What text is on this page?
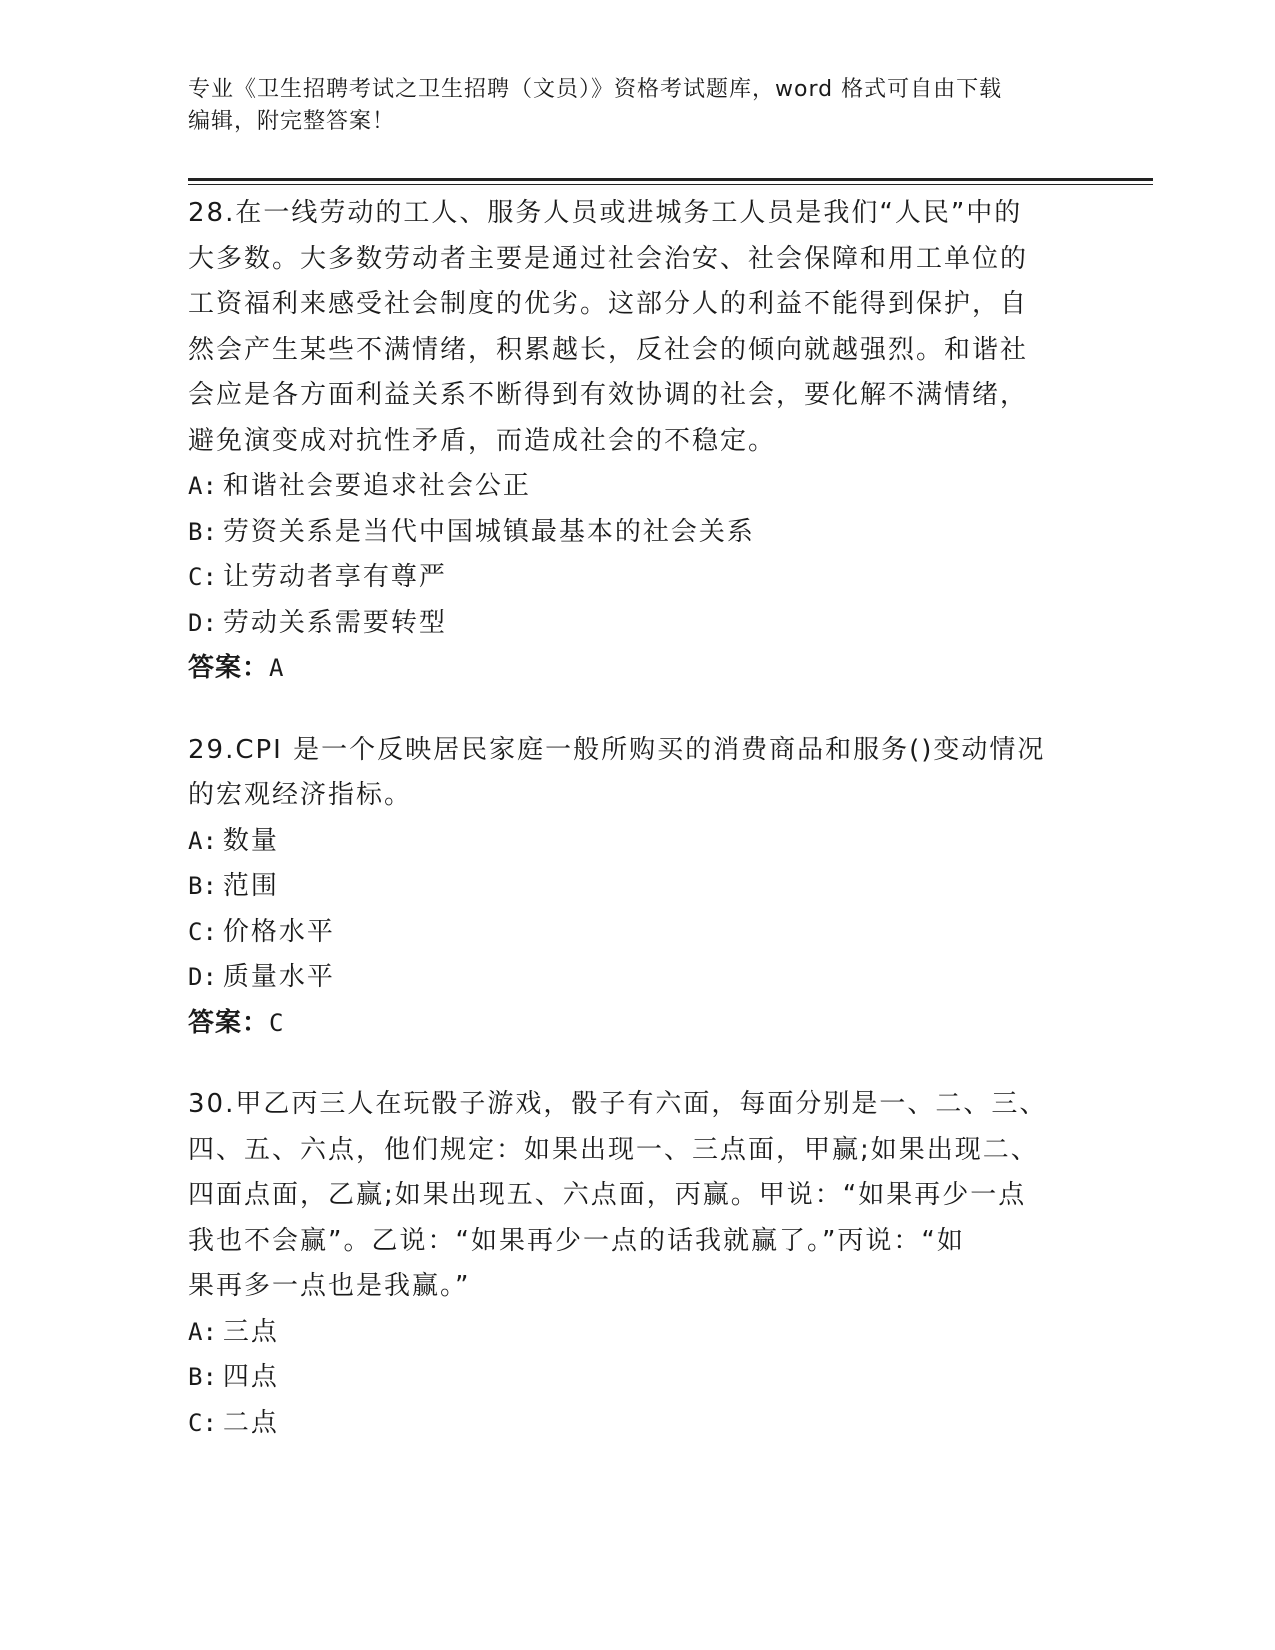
专业《卫生招聘考试之卫生招聘（文员）》资格考试题库，word 格式可自由下载
编辑，附完整答案！
28.在一线劳动的工人、服务人员或进城务工人员是我们“人民”中的
大多数。大多数劳动者主要是通过社会治安、社会保障和用工单位的
工资福利来感受社会制度的优劣。这部分人的利益不能得到保护，自
然会产生某些不满情绪，积累越长，反社会的倾向就越强烈。和谐社
会应是各方面利益关系不断得到有效协调的社会，要化解不满情绪，
避免演变成对抗性矛盾，而造成社会的不稳定。
A: 和谐社会要追求社会公正
B: 劳资关系是当代中国城镇最基本的社会关系
C: 让劳动者享有尊严
D: 劳动关系需要转型
答案：A
29.CPI 是一个反映居民家庭一般所购买的消费商品和服务()变动情况
的宏观经济指标。
A: 数量
B: 范围
C: 价格水平
D: 质量水平
答案：C
30.甲乙丙三人在玩骰子游戏，骰子有六面，每面分别是一、二、三、
四、五、六点，他们规定：如果出现一、三点面，甲赢;如果出现二、
四面点面，乙赢;如果出现五、六点面，丙赢。甲说：“如果再少一点
我也不会赢”。乙说：“如果再少一点的话我就赢了。”丙说：“如
果再多一点也是我赢。”
A: 三点
B: 四点
C: 二点
